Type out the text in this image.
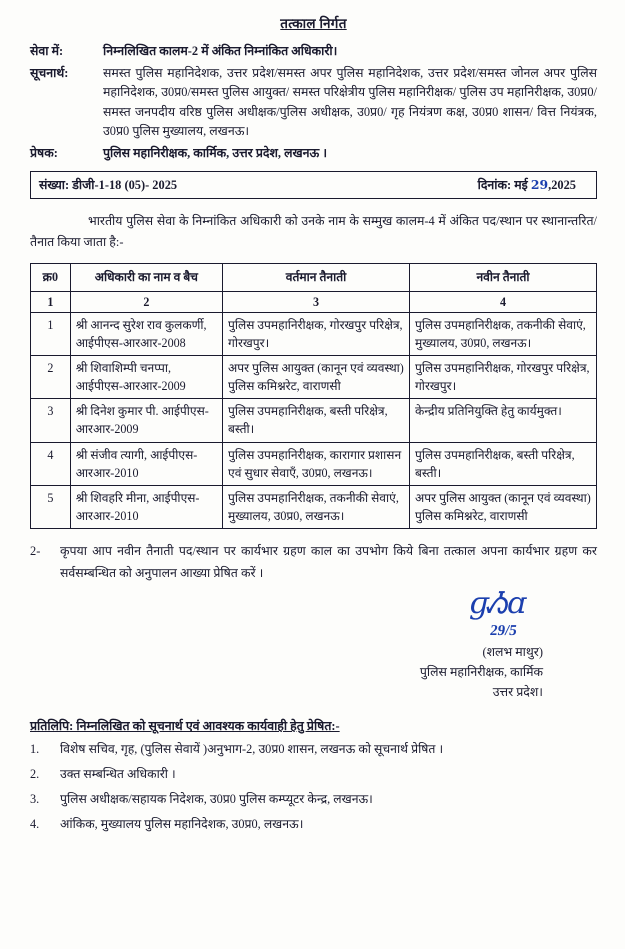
तत्काल निर्गत
सेवा में:	निम्नलिखित कालम-2 में अंकित निम्नांकित अधिकारी।
सूचनार्थ:	समस्त पुलिस महानिदेशक, उत्तर प्रदेश/समस्त अपर पुलिस महानिदेशक, उत्तर प्रदेश/समस्त जोनल अपर पुलिस महानिदेशक, उ0प्र0/समस्त पुलिस आयुक्त/ समस्त परिक्षेत्रीय पुलिस महानिरीक्षक/ पुलिस उप महानिरीक्षक, उ0प्र0/ समस्त जनपदीय वरिष्ठ पुलिस अधीक्षक/पुलिस अधीक्षक, उ0प्र0/ गृह नियंत्रण कक्ष, उ0प्र0 शासन/ वित्त नियंत्रक, उ0प्र0 पुलिस मुख्यालय, लखनऊ।
प्रेषक:	पुलिस महानिरीक्षक, कार्मिक, उत्तर प्रदेश, लखनऊ ।
संख्या: डीजी-1-18 (05)- 2025	दिनांक: मई 29,2025
भारतीय पुलिस सेवा के निम्नांकित अधिकारी को उनके नाम के सम्मुख कालम-4 में अंकित पद/स्थान पर स्थानान्तरित/तैनात किया जाता है:-
क्र0	अधिकारी का नाम व बैच	वर्तमान तैनाती	नवीन तैनाती
1	2	3	4
1	श्री आनन्द सुरेश राव कुलकर्णी, आईपीएस-आरआर-2008	पुलिस उपमहानिरीक्षक, गोरखपुर परिक्षेत्र, गोरखपुर।	पुलिस उपमहानिरीक्षक, तकनीकी सेवाएं, मुख्यालय, उ0प्र0, लखनऊ।
2	श्री शिवाशिम्पी चनप्पा, आईपीएस-आरआर-2009	अपर पुलिस आयुक्त (कानून एवं व्यवस्था) पुलिस कमिश्नरेट, वाराणसी	पुलिस उपमहानिरीक्षक, गोरखपुर परिक्षेत्र, गोरखपुर।
3	श्री दिनेश कुमार पी. आईपीएस-आरआर-2009	पुलिस उपमहानिरीक्षक, बस्ती परिक्षेत्र, बस्ती।	केन्द्रीय प्रतिनियुक्ति हेतु कार्यमुक्त।
4	श्री संजीव त्यागी, आईपीएस-आरआर-2010	पुलिस उपमहानिरीक्षक, कारागार प्रशासन एवं सुधार सेवाएँ, उ0प्र0, लखनऊ।	पुलिस उपमहानिरीक्षक, बस्ती परिक्षेत्र, बस्ती।
5	श्री शिवहरि मीना, आईपीएस-आरआर-2010	पुलिस उपमहानिरीक्षक, तकनीकी सेवाएं, मुख्यालय, उ0प्र0, लखनऊ।	अपर पुलिस आयुक्त (कानून एवं व्यवस्था) पुलिस कमिश्नरेट, वाराणसी
2-	कृपया आप नवीन तैनाती पद/स्थान पर कार्यभार ग्रहण काल का उपभोग किये बिना तत्काल अपना कार्यभार ग्रहण कर सर्वसम्बन्धित को अनुपालन आख्या प्रेषित करें ।
ɡᏱɑ
29/5
(शलभ माथुर)
पुलिस महानिरीक्षक, कार्मिक
उत्तर प्रदेश।
प्रतिलिपि: निम्नलिखित को सूचनार्थ एवं आवश्यक कार्यवाही हेतु प्रेषित:-
1.	विशेष सचिव, गृह, (पुलिस सेवायें )अनुभाग-2, उ0प्र0 शासन, लखनऊ को सूचनार्थ प्रेषित ।
2.	उक्त सम्बन्धित अधिकारी ।
3.	पुलिस अधीक्षक/सहायक निदेशक, उ0प्र0 पुलिस कम्प्यूटर केन्द्र, लखनऊ।
4.	आंकिक, मुख्यालय पुलिस महानिदेशक, उ0प्र0, लखनऊ।
